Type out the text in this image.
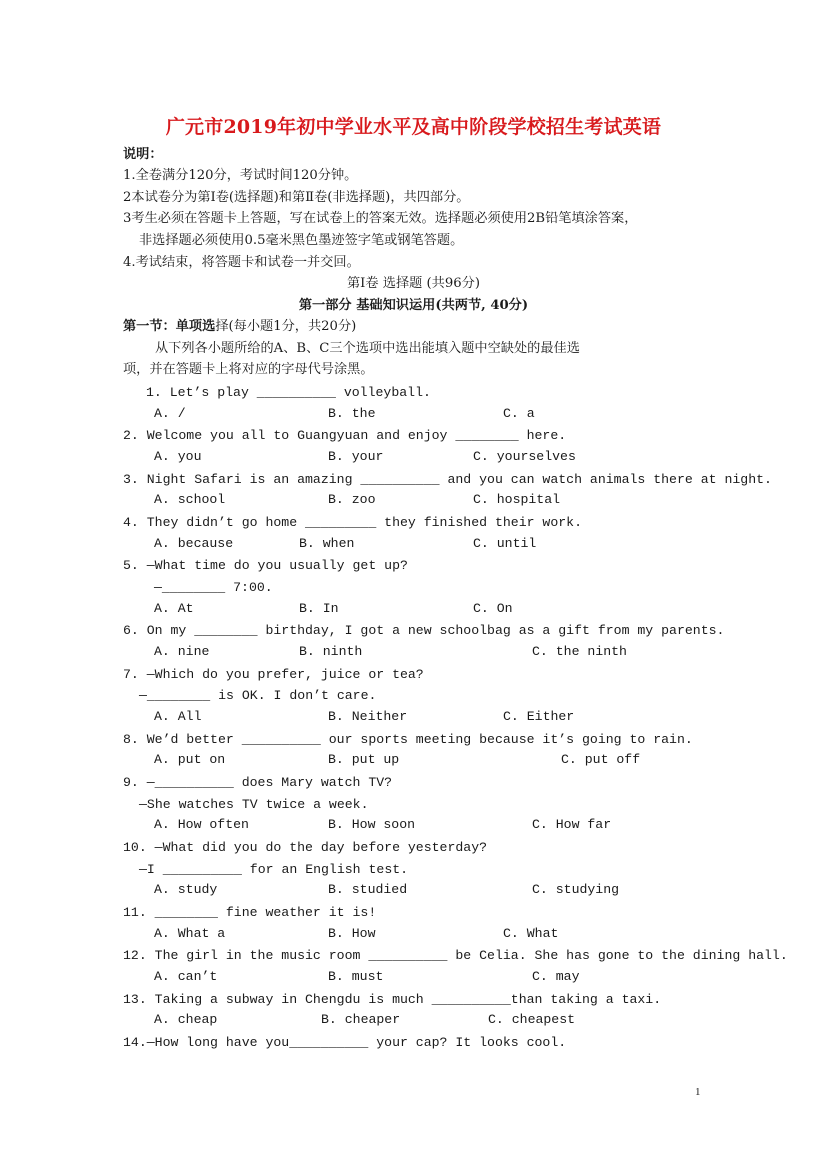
广元市2019年初中学业水平及高中阶段学校招生考试英语
说明：
1.全卷满分120分，考试时间120分钟。
2本试卷分为第Ⅰ卷(选择题)和第Ⅱ卷(非选择题)，共四部分。
3考生必须在答题卡上答题，写在试卷上的答案无效。选择题必须使用2B铅笔填涂答案，
非选择题必须使用0.5毫米黑色墨迹签字笔或钢笔答题。
4.考试结束，将答题卡和试卷一并交回。
第Ⅰ卷 选择题 (共96分)
第一部分 基础知识运用(共两节, 40分)
第一节：单项选择(每小题1分，共20分)
从下列各小题所给的A、B、C三个选项中选出能填入题中空缺处的最佳选
项，并在答题卡上将对应的字母代号涂黑。
1. Let’s play __________ volleyball.
A. /	B. the	C. a
2. Welcome you all to Guangyuan and enjoy ________ here.
A. you	B. your	C. yourselves
3. Night Safari is an amazing __________ and you can watch animals there at night.
A. school	B. zoo	C. hospital
4. They didn’t go home _________ they finished their work.
A. because	B. when	C. until
5. —What time do you usually get up?
—________ 7:00.
A. At	B. In	C. On
6. On my ________ birthday, I got a new schoolbag as a gift from my parents.
A. nine	B. ninth	C. the ninth
7. —Which do you prefer, juice or tea?
—________ is OK. I don’t care.
A. All	B. Neither	C. Either
8. We’d better __________ our sports meeting because it’s going to rain.
A. put on	B. put up	C. put off
9. —__________ does Mary watch TV?
—She watches TV twice a week.
A. How often	B. How soon	C. How far
10. —What did you do the day before yesterday?
—I __________ for an English test.
A. study	B. studied	C. studying
11. ________ fine weather it is!
A. What a	B. How	C. What
12. The girl in the music room __________ be Celia. She has gone to the dining hall.
A. can’t	B. must	C. may
13. Taking a subway in Chengdu is much __________than taking a taxi.
A. cheap	B. cheaper	C. cheapest
14.—How long have you__________ your cap? It looks cool.
1
